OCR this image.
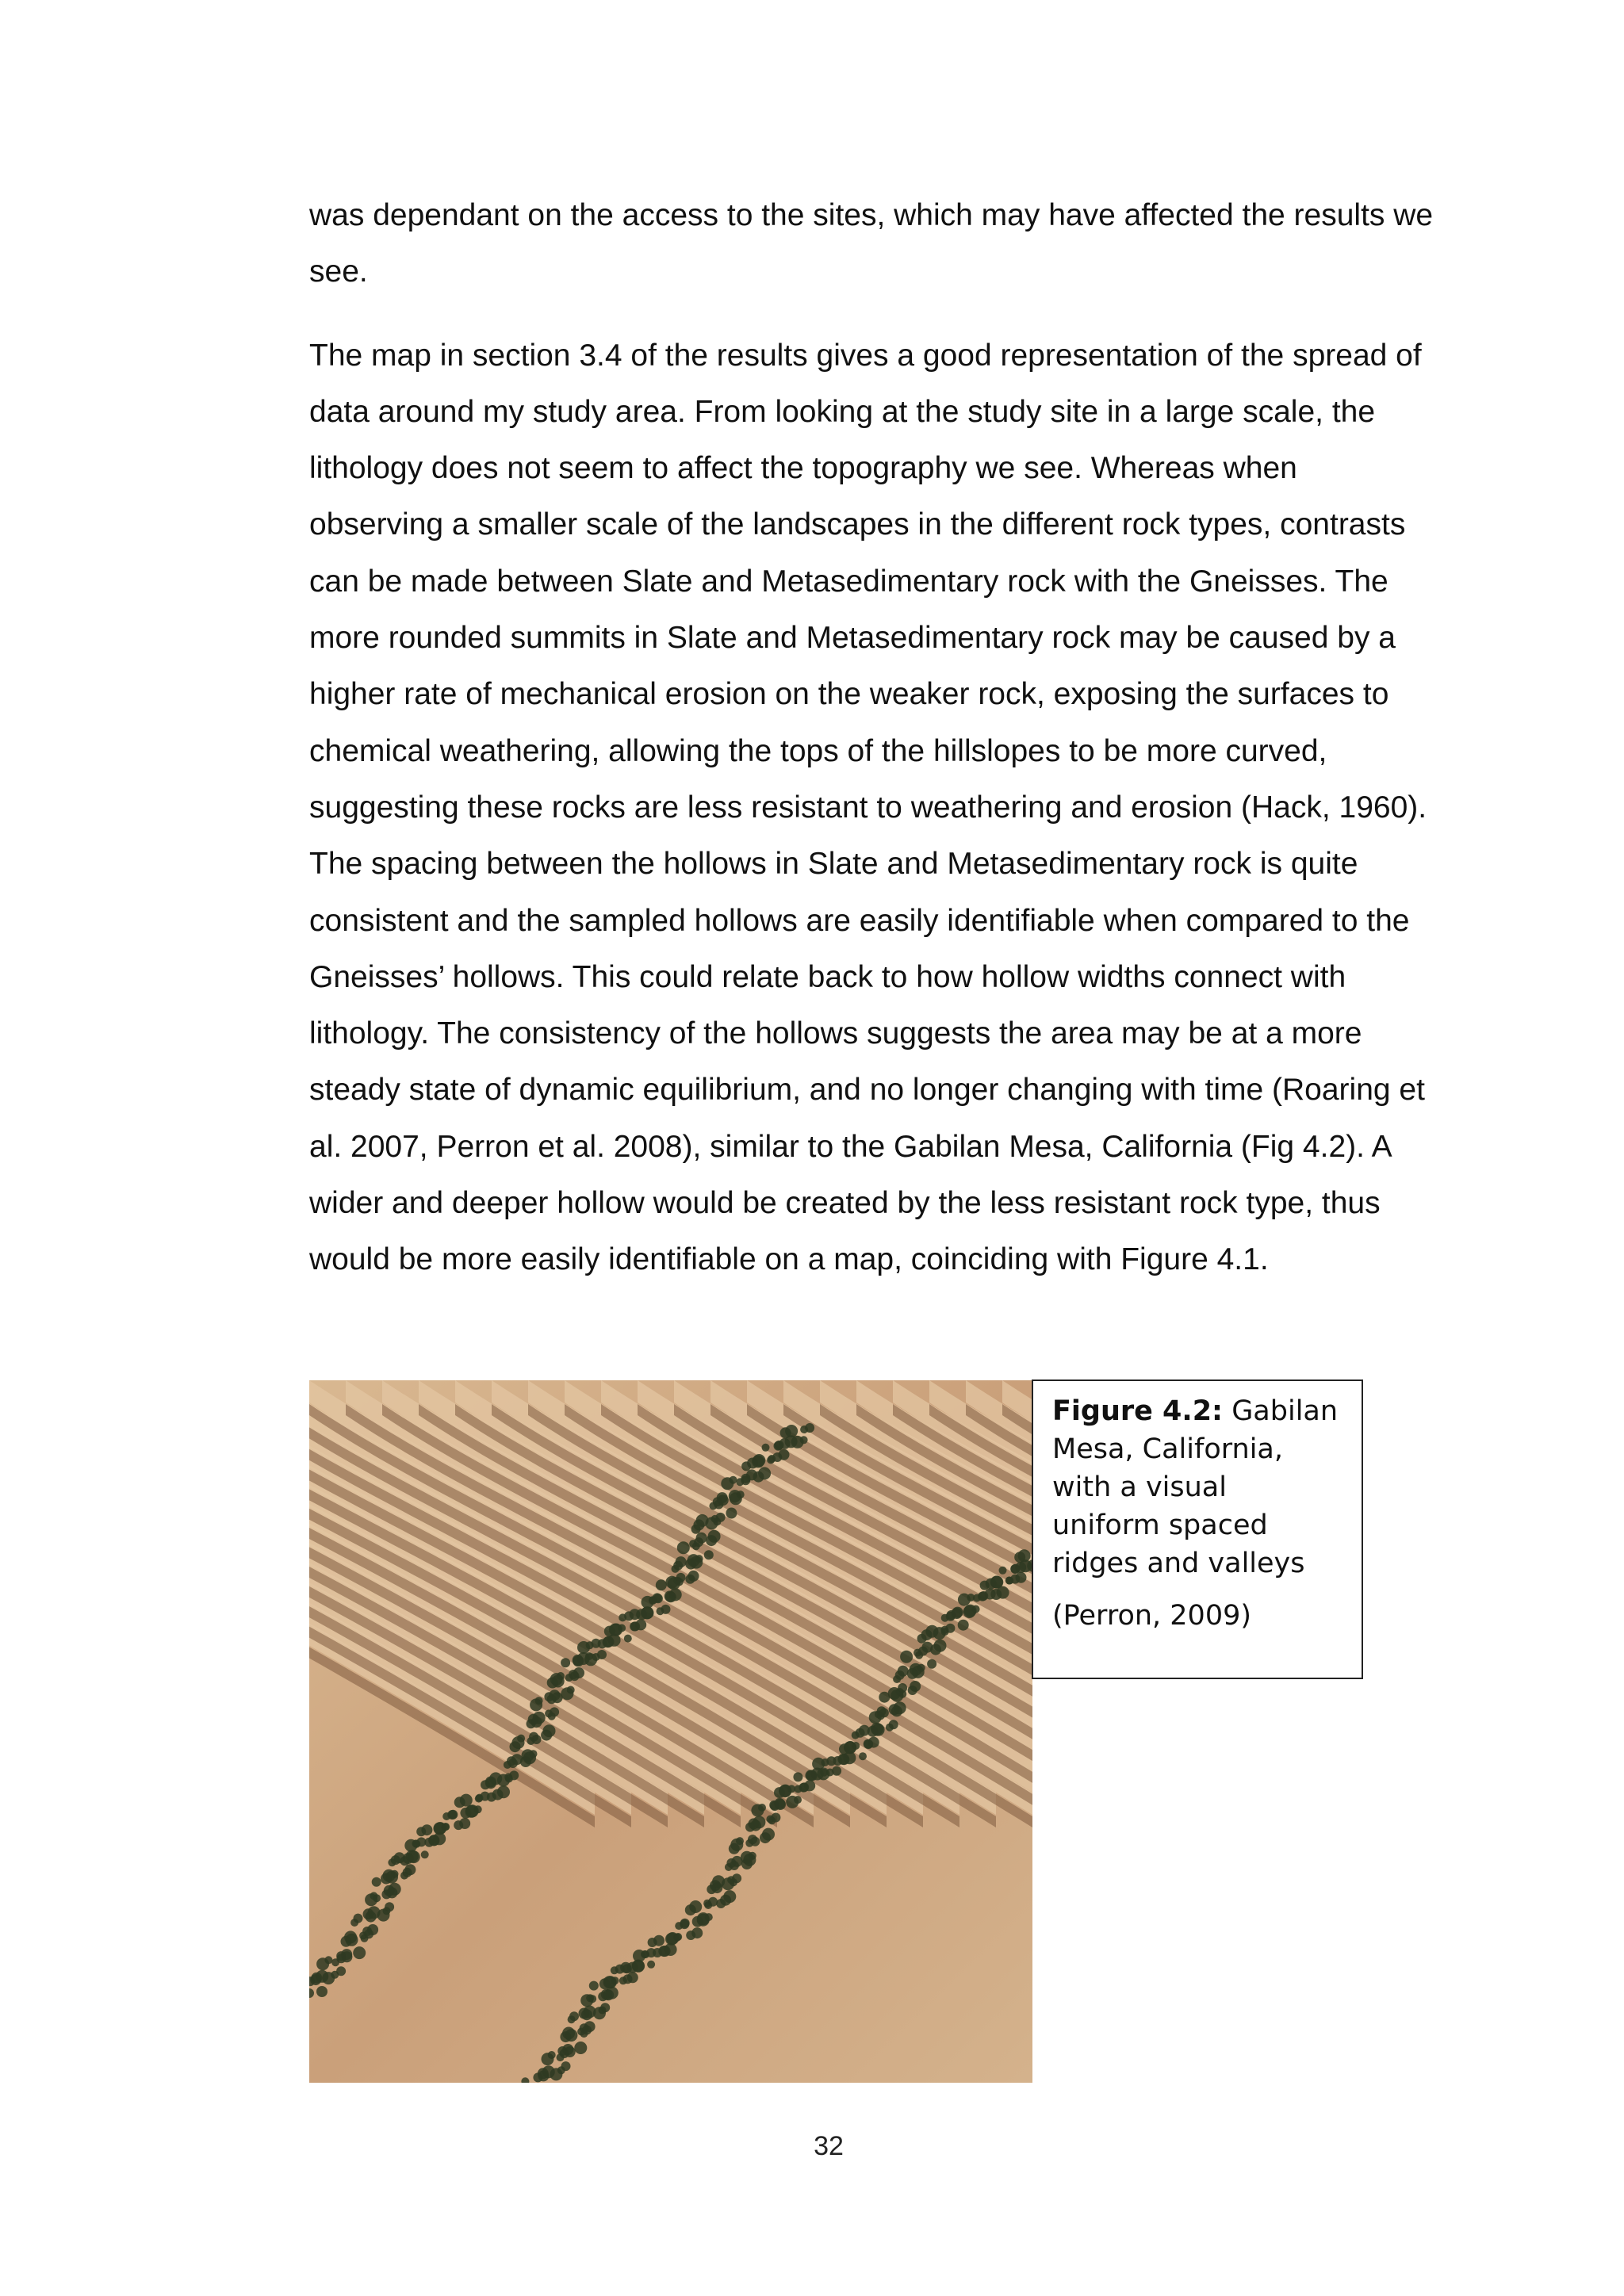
was dependant on the access to the sites, which may have affected the results we see.

The map in section 3.4 of the results gives a good representation of the spread of data around my study area. From looking at the study site in a large scale, the lithology does not seem to affect the topography we see. Whereas when observing a smaller scale of the landscapes in the different rock types, contrasts can be made between Slate and Metasedimentary rock with the Gneisses. The more rounded summits in Slate and Metasedimentary rock may be caused by a higher rate of mechanical erosion on the weaker rock, exposing the surfaces to chemical weathering, allowing the tops of the hillslopes to be more curved, suggesting these rocks are less resistant to weathering and erosion (Hack, 1960). The spacing between the hollows in Slate and Metasedimentary rock is quite consistent and the sampled hollows are easily identifiable when compared to the Gneisses’ hollows. This could relate back to how hollow widths connect with lithology. The consistency of the hollows suggests the area may be at a more steady state of dynamic equilibrium, and no longer changing with time (Roaring et al. 2007, Perron et al. 2008), similar to the Gabilan Mesa, California (Fig 4.2). A wider and deeper hollow would be created by the less resistant rock type, thus would be more easily identifiable on a map, coinciding with Figure 4.1.

Figure 4.2: Gabilan Mesa, California, with a visual uniform spaced ridges and valleys

(Perron, 2009)

32
